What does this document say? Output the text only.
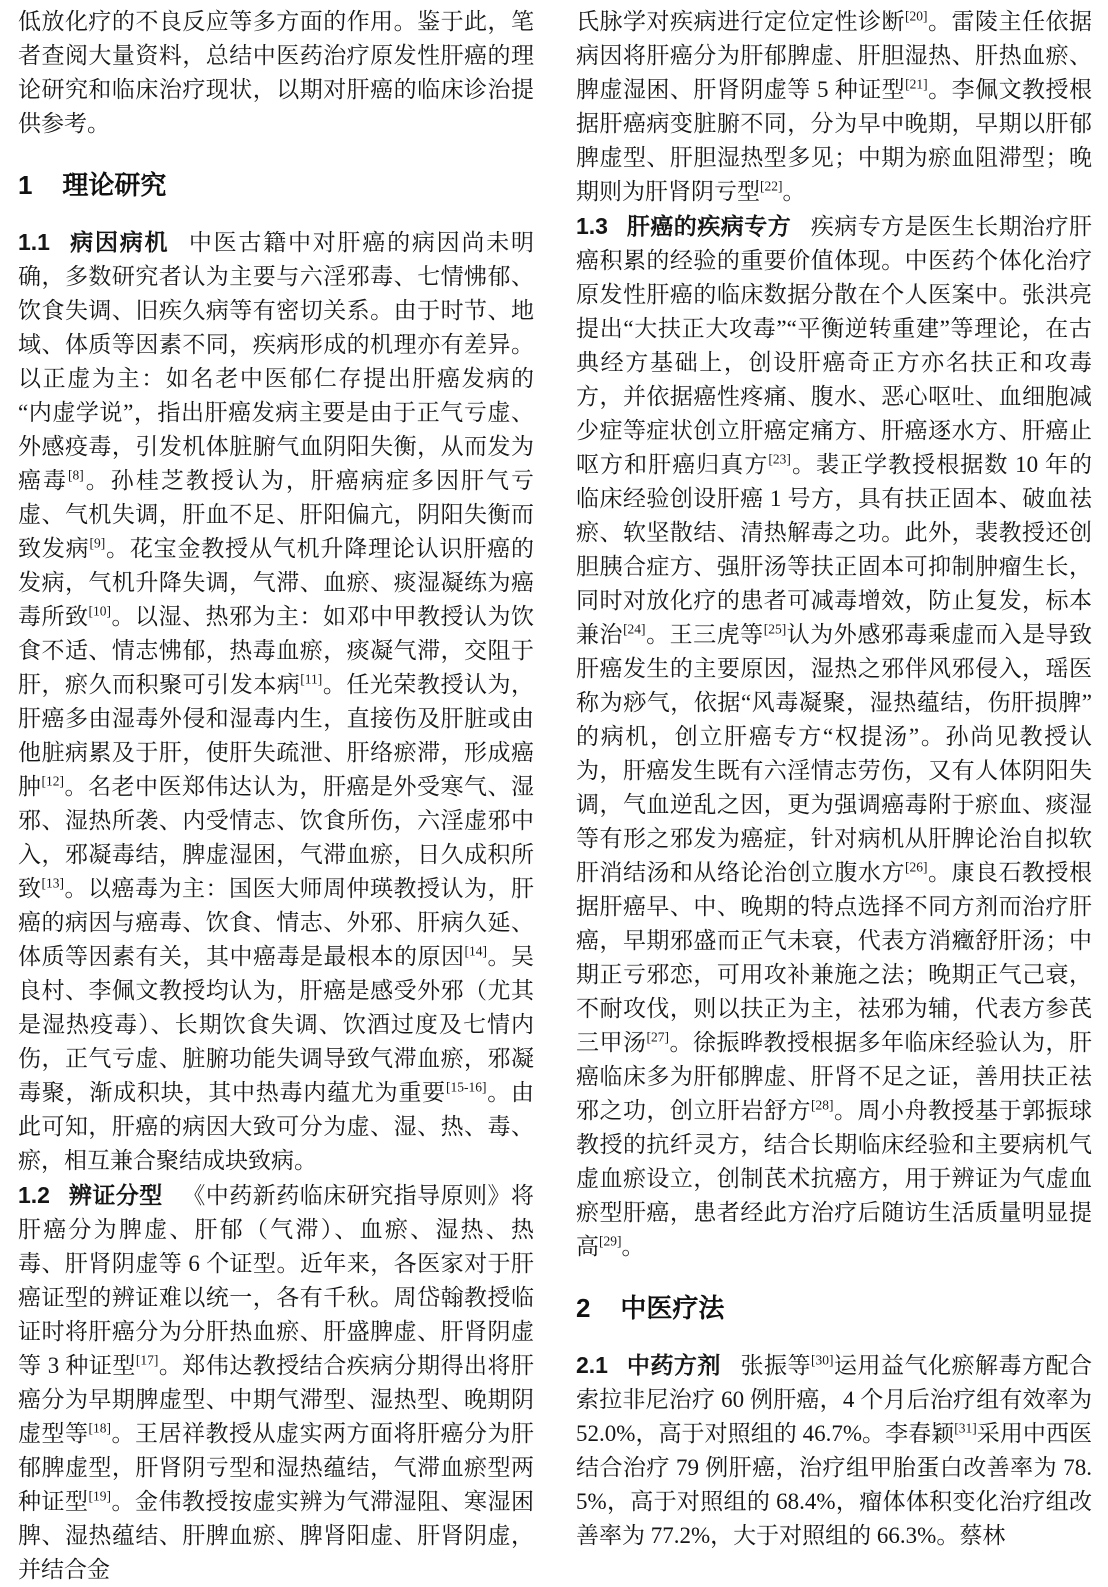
低放化疗的不良反应等多方面的作用。鉴于此，笔者查阅大量资料，总结中医药治疗原发性肝癌的理论研究和临床治疗现状，以期对肝癌的临床诊治提供参考。

1 理论研究

1.1 病因病机 中医古籍中对肝癌的病因尚未明确，多数研究者认为主要与六淫邪毒、七情怫郁、饮食失调、旧疾久病等有密切关系。由于时节、地域、体质等因素不同，疾病形成的机理亦有差异。以正虚为主：如名老中医郁仁存提出肝癌发病的“内虚学说”，指出肝癌发病主要是由于正气亏虚、外感疫毒，引发机体脏腑气血阴阳失衡，从而发为癌毒[8]。孙桂芝教授认为，肝癌病症多因肝气亏虚、气机失调，肝血不足、肝阳偏亢，阴阳失衡而致发病[9]。花宝金教授从气机升降理论认识肝癌的发病，气机升降失调，气滞、血瘀、痰湿凝练为癌毒所致[10]。以湿、热邪为主：如邓中甲教授认为饮食不适、情志怫郁，热毒血瘀，痰凝气滞，交阻于肝，瘀久而积聚可引发本病[11]。任光荣教授认为，肝癌多由湿毒外侵和湿毒内生，直接伤及肝脏或由他脏病累及于肝，使肝失疏泄、肝络瘀滞，形成癌肿[12]。名老中医郑伟达认为，肝癌是外受寒气、湿邪、湿热所袭、内受情志、饮食所伤，六淫虚邪中入，邪凝毒结，脾虚湿困，气滞血瘀，日久成积所致[13]。以癌毒为主：国医大师周仲瑛教授认为，肝癌的病因与癌毒、饮食、情志、外邪、肝病久延、体质等因素有关，其中癌毒是最根本的原因[14]。吴良村、李佩文教授均认为，肝癌是感受外邪（尤其是湿热疫毒）、长期饮食失调、饮酒过度及七情内伤，正气亏虚、脏腑功能失调导致气滞血瘀，邪凝毒聚，渐成积块，其中热毒内蕴尤为重要[15-16]。由此可知，肝癌的病因大致可分为虚、湿、热、毒、瘀，相互兼合聚结成块致病。

1.2 辨证分型 《中药新药临床研究指导原则》将肝癌分为脾虚、肝郁（气滞）、血瘀、湿热、热毒、肝肾阴虚等 6 个证型。近年来，各医家对于肝癌证型的辨证难以统一，各有千秋。周岱翰教授临证时将肝癌分为分肝热血瘀、肝盛脾虚、肝肾阴虚等 3 种证型[17]。郑伟达教授结合疾病分期得出将肝癌分为早期脾虚型、中期气滞型、湿热型、晚期阴虚型等[18]。王居祥教授从虚实两方面将肝癌分为肝郁脾虚型，肝肾阴亏型和湿热蕴结，气滞血瘀型两种证型[19]。金伟教授按虚实辨为气滞湿阻、寒湿困脾、湿热蕴结、肝脾血瘀、脾肾阳虚、肝肾阴虚，并结合金

氏脉学对疾病进行定位定性诊断[20]。雷陵主任依据病因将肝癌分为肝郁脾虚、肝胆湿热、肝热血瘀、脾虚湿困、肝肾阴虚等 5 种证型[21]。李佩文教授根据肝癌病变脏腑不同，分为早中晚期，早期以肝郁脾虚型、肝胆湿热型多见；中期为瘀血阻滞型；晚期则为肝肾阴亏型[22]。

1.3 肝癌的疾病专方 疾病专方是医生长期治疗肝癌积累的经验的重要价值体现。中医药个体化治疗原发性肝癌的临床数据分散在个人医案中。张洪亮提出“大扶正大攻毒”“平衡逆转重建”等理论，在古典经方基础上，创设肝癌奇正方亦名扶正和攻毒方，并依据癌性疼痛、腹水、恶心呕吐、血细胞减少症等症状创立肝癌定痛方、肝癌逐水方、肝癌止呕方和肝癌归真方[23]。裴正学教授根据数 10 年的临床经验创设肝癌 1 号方，具有扶正固本、破血祛瘀、软坚散结、清热解毒之功。此外，裴教授还创胆胰合症方、强肝汤等扶正固本可抑制肿瘤生长，同时对放化疗的患者可减毒增效，防止复发，标本兼治[24]。王三虎等[25]认为外感邪毒乘虚而入是导致肝癌发生的主要原因，湿热之邪伴风邪侵入，瑶医称为痧气，依据“风毒凝聚，湿热蕴结，伤肝损脾”的病机，创立肝癌专方“权提汤”。孙尚见教授认为，肝癌发生既有六淫情志劳伤，又有人体阴阳失调，气血逆乱之因，更为强调癌毒附于瘀血、痰湿等有形之邪发为癌症，针对病机从肝脾论治自拟软肝消结汤和从络论治创立腹水方[26]。康良石教授根据肝癌早、中、晚期的特点选择不同方剂而治疗肝癌，早期邪盛而正气未衰，代表方消癥舒肝汤；中期正亏邪恋，可用攻补兼施之法；晚期正气己衰，不耐攻伐，则以扶正为主，祛邪为辅，代表方参芪三甲汤[27]。徐振晔教授根据多年临床经验认为，肝癌临床多为肝郁脾虚、肝肾不足之证，善用扶正祛邪之功，创立肝岩舒方[28]。周小舟教授基于郭振球教授的抗纤灵方，结合长期临床经验和主要病机气虚血瘀设立，创制芪术抗癌方，用于辨证为气虚血瘀型肝癌，患者经此方治疗后随访生活质量明显提高[29]。

2 中医疗法

2.1 中药方剂 张振等[30]运用益气化瘀解毒方配合索拉非尼治疗 60 例肝癌，4 个月后治疗组有效率为 52.0%，高于对照组的 46.7%。李春颖[31]采用中西医结合治疗 79 例肝癌，治疗组甲胎蛋白改善率为 78.5%，高于对照组的 68.4%，瘤体体积变化治疗组改善率为 77.2%，大于对照组的 66.3%。蔡林
